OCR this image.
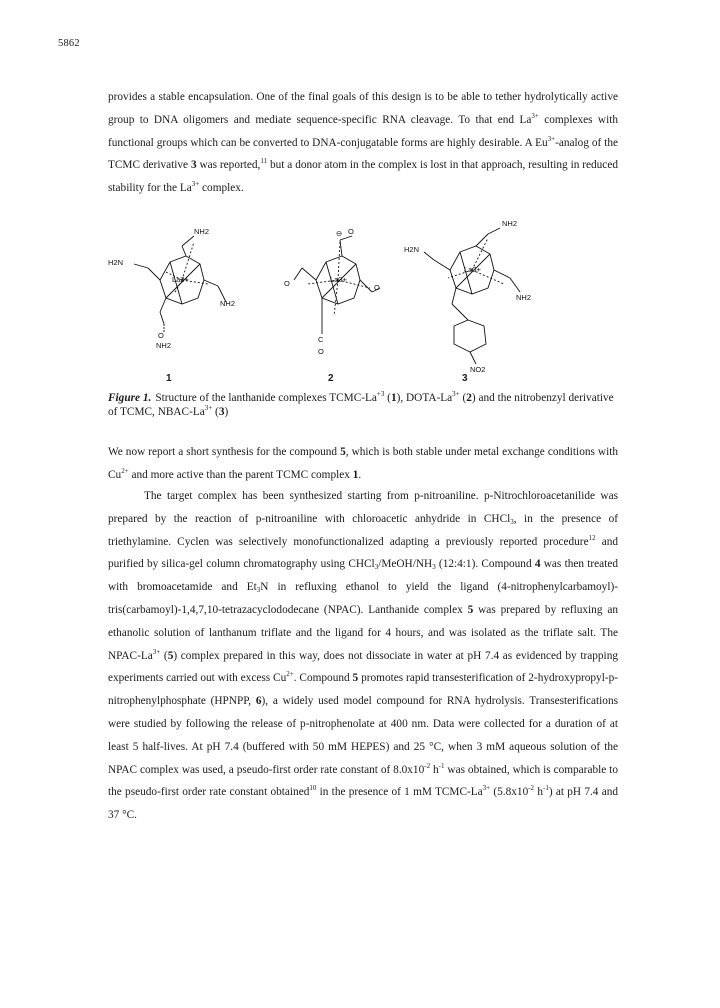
5862

provides a stable encapsulation. One of the final goals of this design is to be able to tether hydrolytically active group to DNA oligomers and mediate sequence-specific RNA cleavage. To that end $La^{3+}$ complexes with functional groups which can be converted to DNA-conjugatable forms are highly desirable. A $Eu^{3+}$-analog of the TCMC derivative 3 was reported,$^{11}$ but a donor atom in the complex is lost in that approach, resulting in reduced stability for the $La^{3+}$ complex.

NH2
H2N
La3+
NH2
O
NH2
O
⊖
La3+
O	O
C
O
NH2
H2N
La3+
NH2
NO2
1	2	3

Figure 1. Structure of the lanthanide complexes TCMC-$La^{+3}$ (1), DOTA-$La^{3+}$ (2) and the nitrobenzyl derivative of TCMC, NBAC-$La^{3+}$ (3)

We now report a short synthesis for the compound 5, which is both stable under metal exchange conditions with $Cu^{2+}$ and more active than the parent TCMC complex 1.

The target complex has been synthesized starting from p-nitroaniline. p-Nitrochloroacetanilide was prepared by the reaction of p-nitroaniline with chloroacetic anhydride in CHCl$_3$, in the presence of triethylamine. Cyclen was selectively monofunctionalized adapting a previously reported procedure$^{12}$ and purified by silica-gel column chromatography using $CHCl_3/MeOH/NH_3$ (12:4:1). Compound 4 was then treated with bromoacetamide and $Et_3N$ in refluxing ethanol to yield the ligand (4-nitrophenylcarbamoyl)-tris(carbamoyl)-1,4,7,10-tetrazacyclododecane (NPAC). Lanthanide complex 5 was prepared by refluxing an ethanolic solution of lanthanum triflate and the ligand for 4 hours, and was isolated as the triflate salt. The NPAC-$La^{3+}$ (5) complex prepared in this way, does not dissociate in water at pH 7.4 as evidenced by trapping experiments carried out with excess $Cu^{2+}$. Compound 5 promotes rapid transesterification of 2-hydroxypropyl-p-nitrophenylphosphate (HPNPP, 6), a widely used model compound for RNA hydrolysis. Transesterifications were studied by following the release of p-nitrophenolate at 400 nm. Data were collected for a duration of at least 5 half-lives. At pH 7.4 (buffered with 50 mM HEPES) and 25 °C, when 3 mM aqueous solution of the NPAC complex was used, a pseudo-first order rate constant of $8.0x10^{-2}$ $h^{-1}$ was obtained, which is comparable to the pseudo-first order rate constant obtained$^{10}$ in the presence of 1 mM TCMC-$La^{3+}$ ($5.8x10^{-2}$ $h^{-1}$) at pH 7.4 and 37 °C.
